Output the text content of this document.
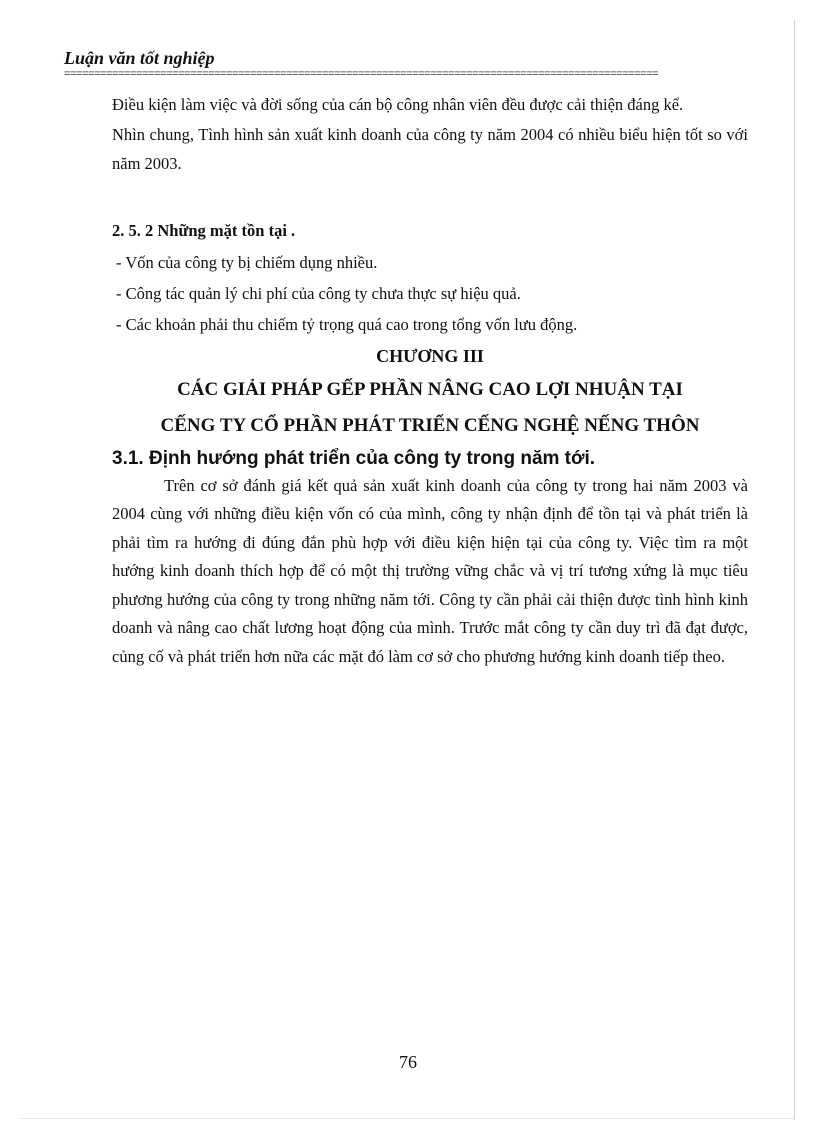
Luận văn tốt nghiệp
===================================================================================================

Điều kiện làm việc và đời sống của cán bộ công nhân viên đều được cải thiện đáng kể.

Nhìn chung, Tình hình sản xuất kinh doanh của công ty năm 2004 có nhiều biểu hiện tốt so với năm 2003.

2. 5. 2 Những mặt tồn tại .

- Vốn của công ty bị chiếm dụng nhiều.

- Công tác quản lý chi phí của công ty chưa thực sự hiệu quả.

- Các khoản phải thu chiếm tỷ trọng quá cao trong tổng vốn lưu động.

CHƯƠNG III

CÁC GIẢI PHÁP GẾP PHẦN NÂNG CAO LỢI NHUẬN TẠI

CẾNG TY CỔ PHẦN PHÁT TRIỂN CẾNG NGHỆ NẾNG THÔN

3.1. Định hướng phát triển của công ty trong năm tới.

Trên cơ sở đánh giá kết quả sản xuất kinh doanh của công ty trong hai năm 2003 và 2004 cùng với những điều kiện vốn có của mình, công ty nhận định để tồn tại và phát triển là phải tìm ra hướng đi đúng đắn phù hợp với điều kiện hiện tại của công ty. Việc tìm ra một hướng kinh doanh thích hợp để có một thị trường vững chắc và vị trí tương xứng là mục tiêu phương hướng của công ty trong những năm tới. Công ty cần phải cải thiện được tình hình kinh doanh và nâng cao chất lương hoạt động của mình. Trước mắt công ty cần duy trì đã đạt được, củng cố và phát triển hơn nữa các mặt đó làm cơ sở cho phương hướng kinh doanh tiếp theo.

76
